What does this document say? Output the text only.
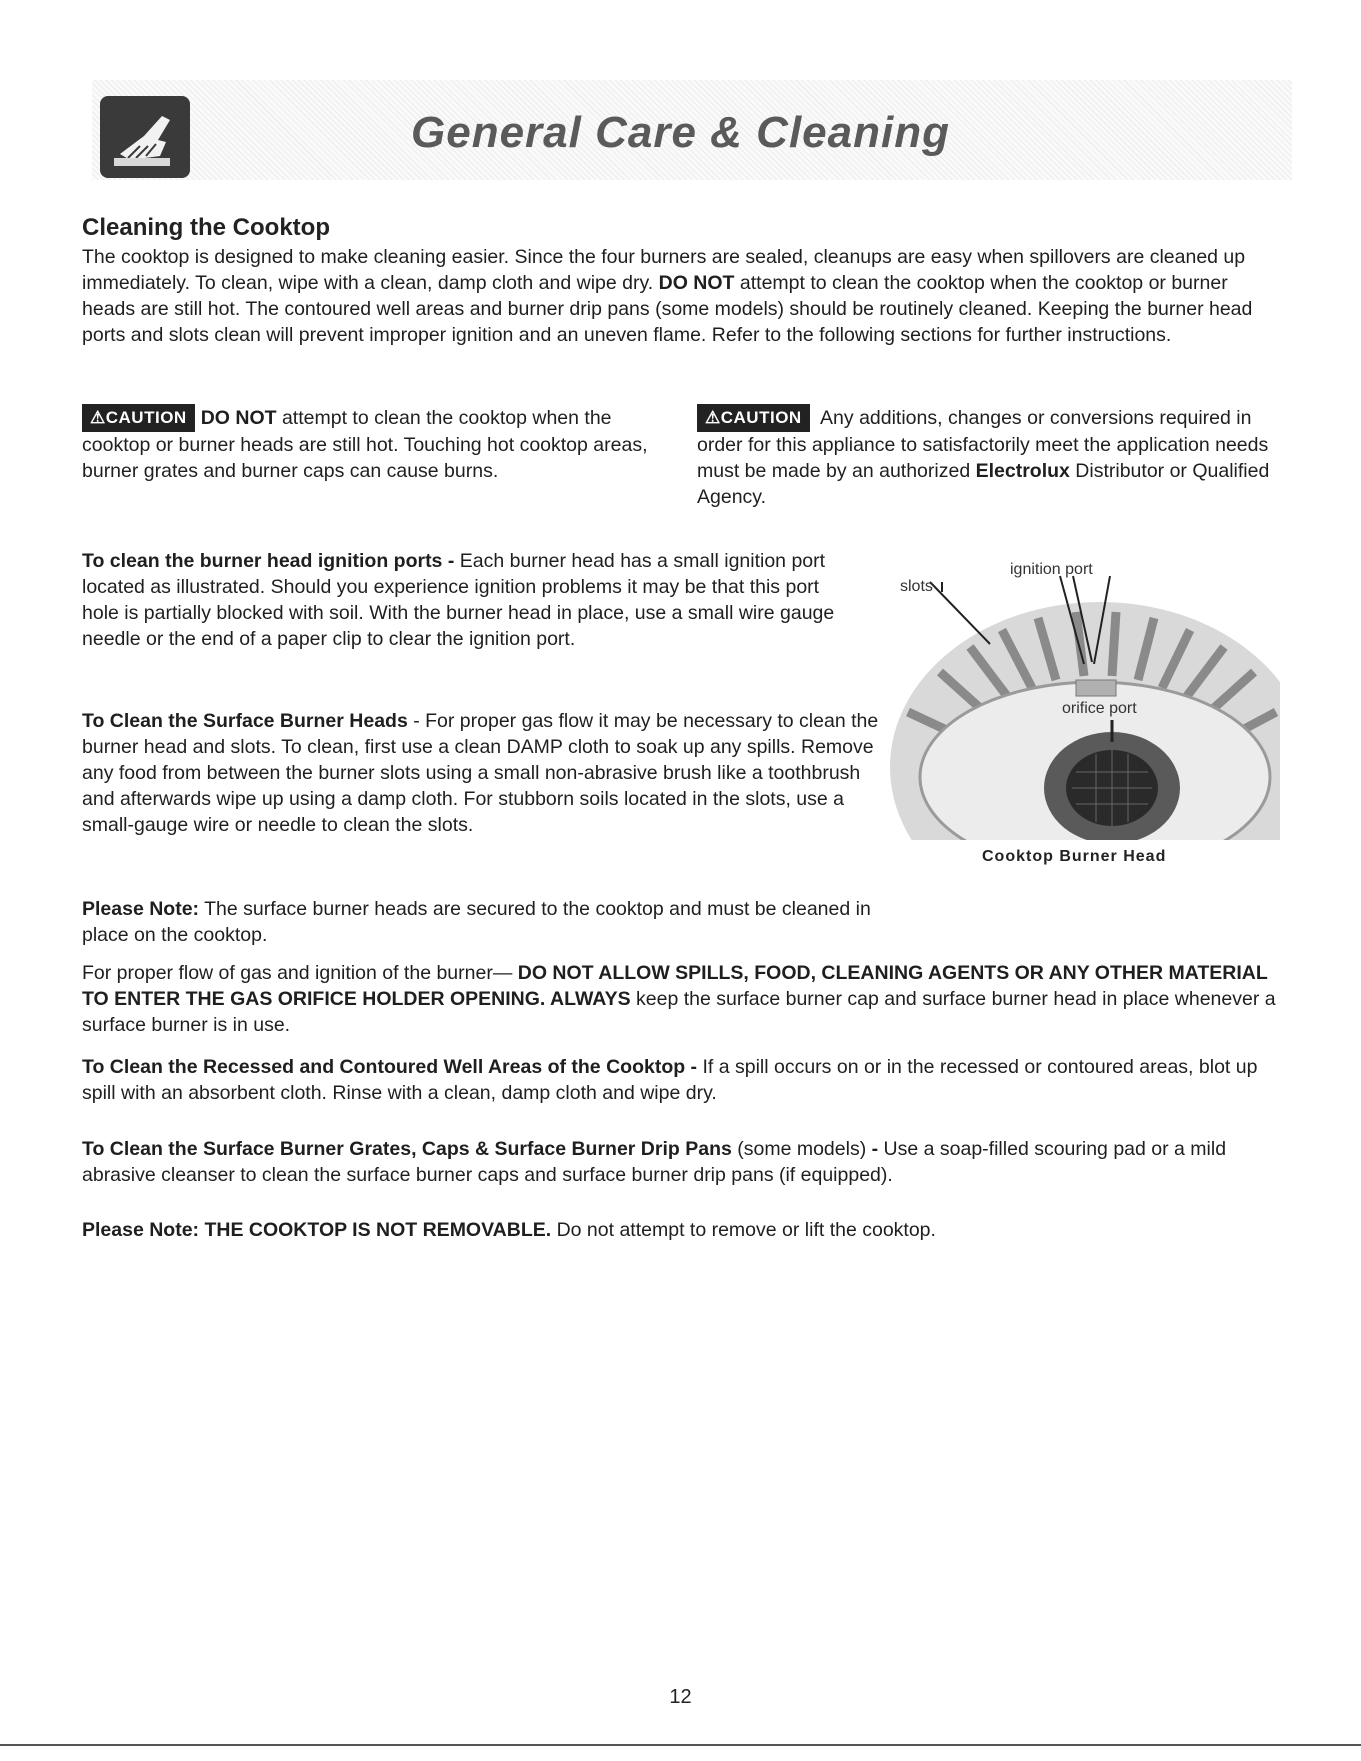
General Care & Cleaning
Cleaning the Cooktop

The cooktop is designed to make cleaning easier. Since the four burners are sealed, cleanups are easy when spillovers are cleaned up immediately. To clean, wipe with a clean, damp cloth and wipe dry. DO NOT attempt to clean the cooktop when the cooktop or burner heads are still hot. The contoured well areas and burner drip pans (some models) should be routinely cleaned. Keeping the burner head ports and slots clean will prevent improper ignition and an uneven flame. Refer to the following sections for further instructions.

⚠CAUTION DO NOT attempt to clean the cooktop when the cooktop or burner heads are still hot. Touching hot cooktop areas, burner grates and burner caps can cause burns.

⚠CAUTION Any additions, changes or conversions required in order for this appliance to satisfactorily meet the application needs must be made by an authorized Electrolux Distributor or Qualified Agency.

To clean the burner head ignition ports - Each burner head has a small ignition port located as illustrated. Should you experience ignition problems it may be that this port hole is partially blocked with soil. With the burner head in place, use a small wire gauge needle or the end of a paper clip to clear the ignition port.

To Clean the Surface Burner Heads - For proper gas flow it may be necessary to clean the burner head and slots. To clean, first use a clean DAMP cloth to soak up any spills. Remove any food from between the burner slots using a small non-abrasive brush like a toothbrush and afterwards wipe up using a damp cloth. For stubborn soils located in the slots, use a small-gauge wire or needle to clean the slots.

ignition port
slots
orifice port
Cooktop Burner Head

Please Note: The surface burner heads are secured to the cooktop and must be cleaned in place on the cooktop.

For proper flow of gas and ignition of the burner— DO NOT ALLOW SPILLS, FOOD, CLEANING AGENTS OR ANY OTHER MATERIAL TO ENTER THE GAS ORIFICE HOLDER OPENING. ALWAYS keep the surface burner cap and surface burner head in place whenever a surface burner is in use.

To Clean the Recessed and Contoured Well Areas of the Cooktop - If a spill occurs on or in the recessed or contoured areas, blot up spill with an absorbent cloth. Rinse with a clean, damp cloth and wipe dry.

To Clean the Surface Burner Grates, Caps & Surface Burner Drip Pans (some models) - Use a soap-filled scouring pad or a mild abrasive cleanser to clean the surface burner caps and surface burner drip pans (if equipped).

Please Note: THE COOKTOP IS NOT REMOVABLE. Do not attempt to remove or lift the cooktop.

12
